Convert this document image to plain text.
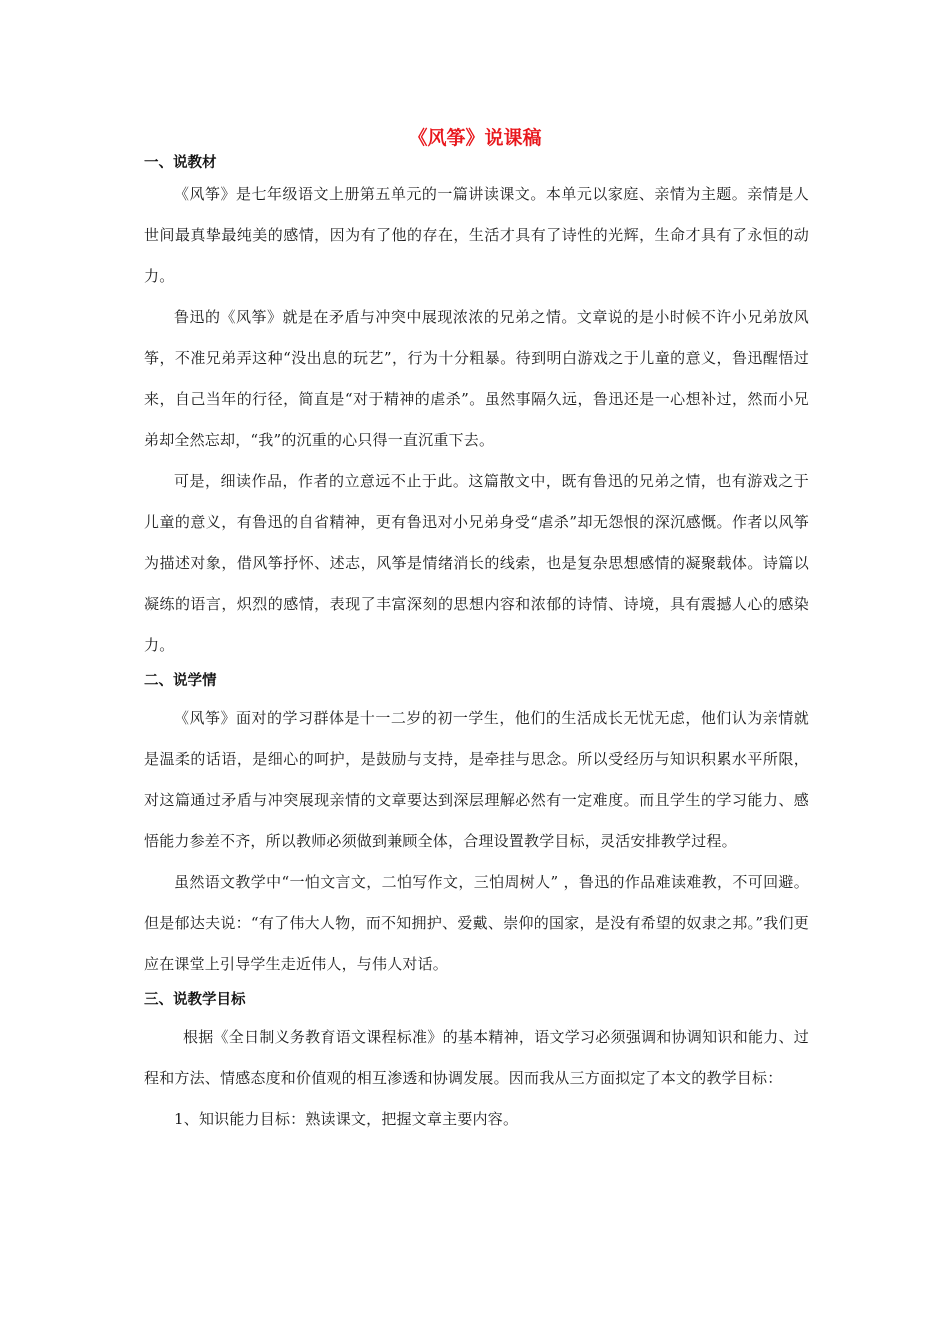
《风筝》说课稿
一、说教材

《风筝》是七年级语文上册第五单元的一篇讲读课文。本单元以家庭、亲情为主题。亲情是人世间最真挚最纯美的感情，因为有了他的存在，生活才具有了诗性的光辉，生命才具有了永恒的动力。

鲁迅的《风筝》就是在矛盾与冲突中展现浓浓的兄弟之情。文章说的是小时候不许小兄弟放风筝，不准兄弟弄这种“没出息的玩艺”，行为十分粗暴。待到明白游戏之于儿童的意义，鲁迅醒悟过来，自己当年的行径，简直是“对于精神的虐杀”。虽然事隔久远，鲁迅还是一心想补过，然而小兄弟却全然忘却，“我”的沉重的心只得一直沉重下去。

可是，细读作品，作者的立意远不止于此。这篇散文中，既有鲁迅的兄弟之情，也有游戏之于儿童的意义，有鲁迅的自省精神，更有鲁迅对小兄弟身受“虐杀”却无怨恨的深沉感慨。作者以风筝为描述对象，借风筝抒怀、述志，风筝是情绪消长的线索，也是复杂思想感情的凝聚载体。诗篇以凝练的语言，炽烈的感情，表现了丰富深刻的思想内容和浓郁的诗情、诗境，具有震撼人心的感染力。

二、说学情

《风筝》面对的学习群体是十一二岁的初一学生，他们的生活成长无忧无虑，他们认为亲情就是温柔的话语，是细心的呵护，是鼓励与支持，是牵挂与思念。所以受经历与知识积累水平所限，对这篇通过矛盾与冲突展现亲情的文章要达到深层理解必然有一定难度。而且学生的学习能力、感悟能力参差不齐，所以教师必须做到兼顾全体，合理设置教学目标，灵活安排教学过程。

虽然语文教学中“一怕文言文，二怕写作文，三怕周树人” ，鲁迅的作品难读难教，不可回避。但是郁达夫说：“有了伟大人物，而不知拥护、爱戴、崇仰的国家，是没有希望的奴隶之邦。”我们更应在课堂上引导学生走近伟人，与伟人对话。

三、说教学目标

根据《全日制义务教育语文课程标准》的基本精神，语文学习必须强调和协调知识和能力、过程和方法、情感态度和价值观的相互渗透和协调发展。因而我从三方面拟定了本文的教学目标：

1、知识能力目标：熟读课文，把握文章主要内容。
